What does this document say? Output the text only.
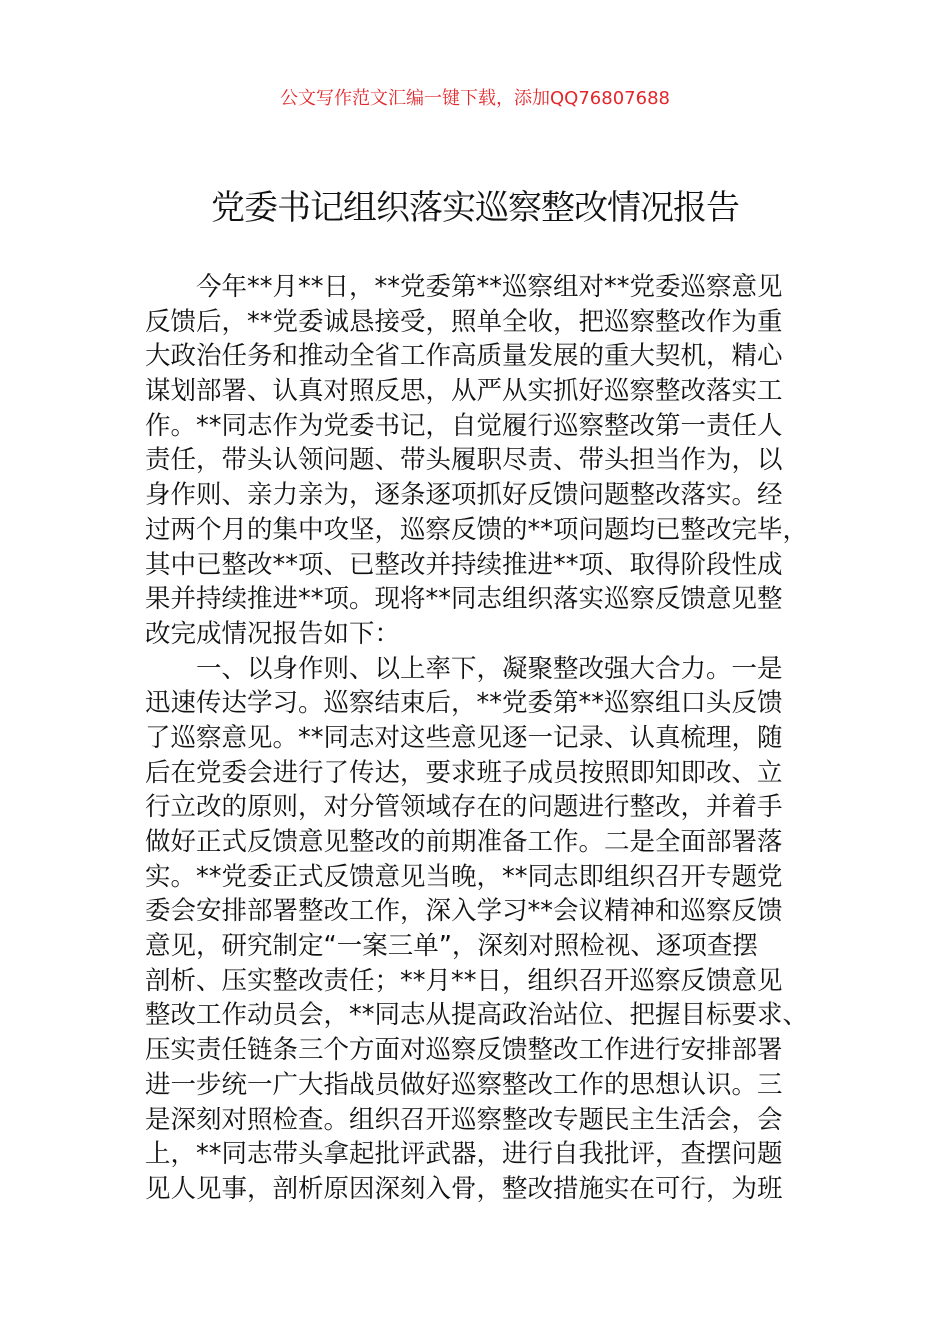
公文写作范文汇编一键下载，添加QQ76807688
党委书记组织落实巡察整改情况报告
今年**月**日，**党委第**巡察组对**党委巡察意见
反馈后，**党委诚恳接受，照单全收，把巡察整改作为重
大政治任务和推动全省工作高质量发展的重大契机，精心
谋划部署、认真对照反思，从严从实抓好巡察整改落实工
作。**同志作为党委书记，自觉履行巡察整改第一责任人
责任，带头认领问题、带头履职尽责、带头担当作为，以
身作则、亲力亲为，逐条逐项抓好反馈问题整改落实。经
过两个月的集中攻坚，巡察反馈的**项问题均已整改完毕，
其中已整改**项、已整改并持续推进**项、取得阶段性成
果并持续推进**项。现将**同志组织落实巡察反馈意见整
改完成情况报告如下：
一、以身作则、以上率下，凝聚整改强大合力。一是
迅速传达学习。巡察结束后，**党委第**巡察组口头反馈
了巡察意见。**同志对这些意见逐一记录、认真梳理，随
后在党委会进行了传达，要求班子成员按照即知即改、立
行立改的原则，对分管领域存在的问题进行整改，并着手
做好正式反馈意见整改的前期准备工作。二是全面部署落
实。**党委正式反馈意见当晚，**同志即组织召开专题党
委会安排部署整改工作，深入学习**会议精神和巡察反馈
意见，研究制定“一案三单”，深刻对照检视、逐项查摆
剖析、压实整改责任；**月**日，组织召开巡察反馈意见
整改工作动员会，**同志从提高政治站位、把握目标要求、
压实责任链条三个方面对巡察反馈整改工作进行安排部署
进一步统一广大指战员做好巡察整改工作的思想认识。三
是深刻对照检查。组织召开巡察整改专题民主生活会，会
上，**同志带头拿起批评武器，进行自我批评，查摆问题
见人见事，剖析原因深刻入骨，整改措施实在可行，为班
